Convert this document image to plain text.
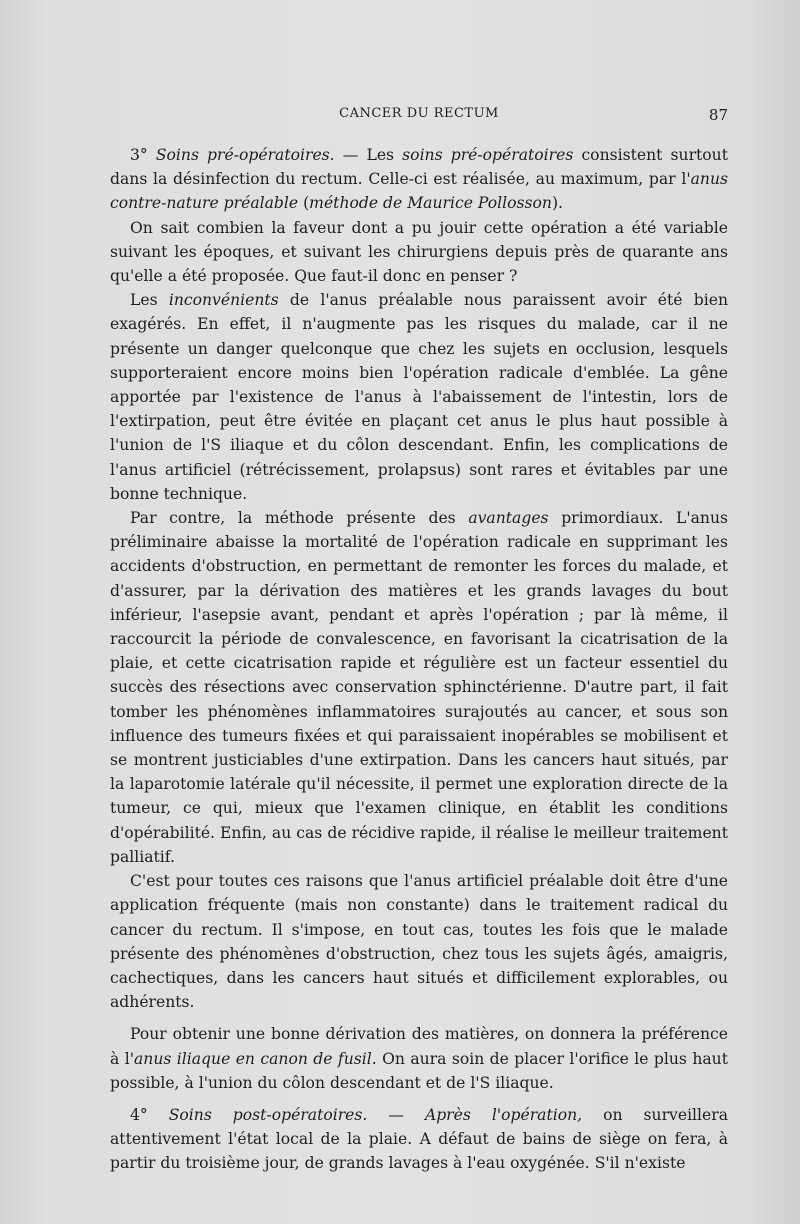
CANCER DU RECTUM	87

3° Soins pré-opératoires. — Les soins pré-opératoires consistent surtout dans la désinfection du rectum. Celle-ci est réalisée, au maximum, par l'anus contre-nature préalable (méthode de Maurice Pollosson).

On sait combien la faveur dont a pu jouir cette opération a été variable suivant les époques, et suivant les chirurgiens depuis près de quarante ans qu'elle a été proposée. Que faut-il donc en penser ?

Les inconvénients de l'anus préalable nous paraissent avoir été bien exagérés. En effet, il n'augmente pas les risques du malade, car il ne présente un danger quelconque que chez les sujets en occlusion, lesquels supporteraient encore moins bien l'opération radicale d'emblée. La gêne apportée par l'existence de l'anus à l'abaissement de l'intestin, lors de l'extirpation, peut être évitée en plaçant cet anus le plus haut possible à l'union de l'S iliaque et du côlon descendant. Enfin, les complications de l'anus artificiel (rétrécissement, prolapsus) sont rares et évitables par une bonne technique.

Par contre, la méthode présente des avantages primordiaux. L'anus préliminaire abaisse la mortalité de l'opération radicale en supprimant les accidents d'obstruction, en permettant de remonter les forces du malade, et d'assurer, par la dérivation des matières et les grands lavages du bout inférieur, l'asepsie avant, pendant et après l'opération ; par là même, il raccourcit la période de convalescence, en favorisant la cicatrisation de la plaie, et cette cicatrisation rapide et régulière est un facteur essentiel du succès des résections avec conservation sphinctérienne. D'autre part, il fait tomber les phénomènes inflammatoires surajoutés au cancer, et sous son influence des tumeurs fixées et qui paraissaient inopérables se mobilisent et se montrent justiciables d'une extirpation. Dans les cancers haut situés, par la laparotomie latérale qu'il nécessite, il permet une exploration directe de la tumeur, ce qui, mieux que l'examen clinique, en établit les conditions d'opérabilité. Enfin, au cas de récidive rapide, il réalise le meilleur traitement palliatif.

C'est pour toutes ces raisons que l'anus artificiel préalable doit être d'une application fréquente (mais non constante) dans le traitement radical du cancer du rectum. Il s'impose, en tout cas, toutes les fois que le malade présente des phénomènes d'obstruction, chez tous les sujets âgés, amaigris, cachectiques, dans les cancers haut situés et difficilement explorables, ou adhérents.

Pour obtenir une bonne dérivation des matières, on donnera la préférence à l'anus iliaque en canon de fusil. On aura soin de placer l'orifice le plus haut possible, à l'union du côlon descendant et de l'S iliaque.

4° Soins post-opératoires. — Après l'opération, on surveillera attentivement l'état local de la plaie. A défaut de bains de siège on fera, à partir du troisième jour, de grands lavages à l'eau oxygénée. S'il n'existe
